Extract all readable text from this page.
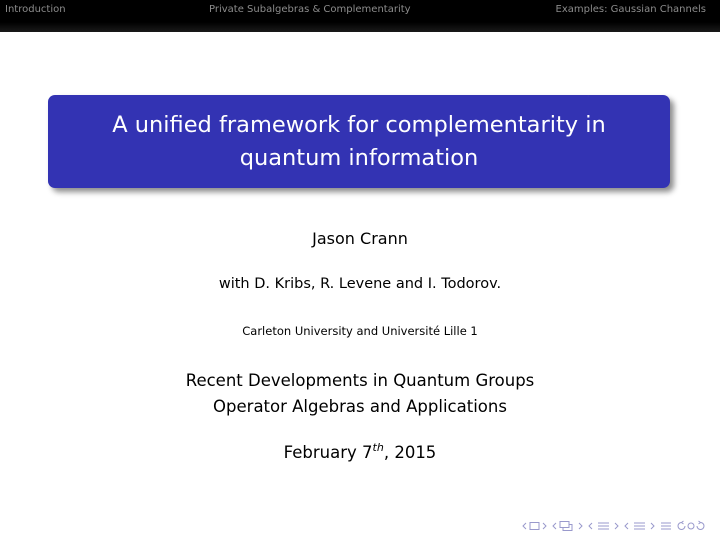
Introduction	Private Subalgebras & Complementarity	Examples: Gaussian Channels
A unified framework for complementarity in
quantum information
Jason Crann
with D. Kribs, R. Levene and I. Todorov.
Carleton University and Université Lille 1
Recent Developments in Quantum Groups
Operator Algebras and Applications
February 7th, 2015
